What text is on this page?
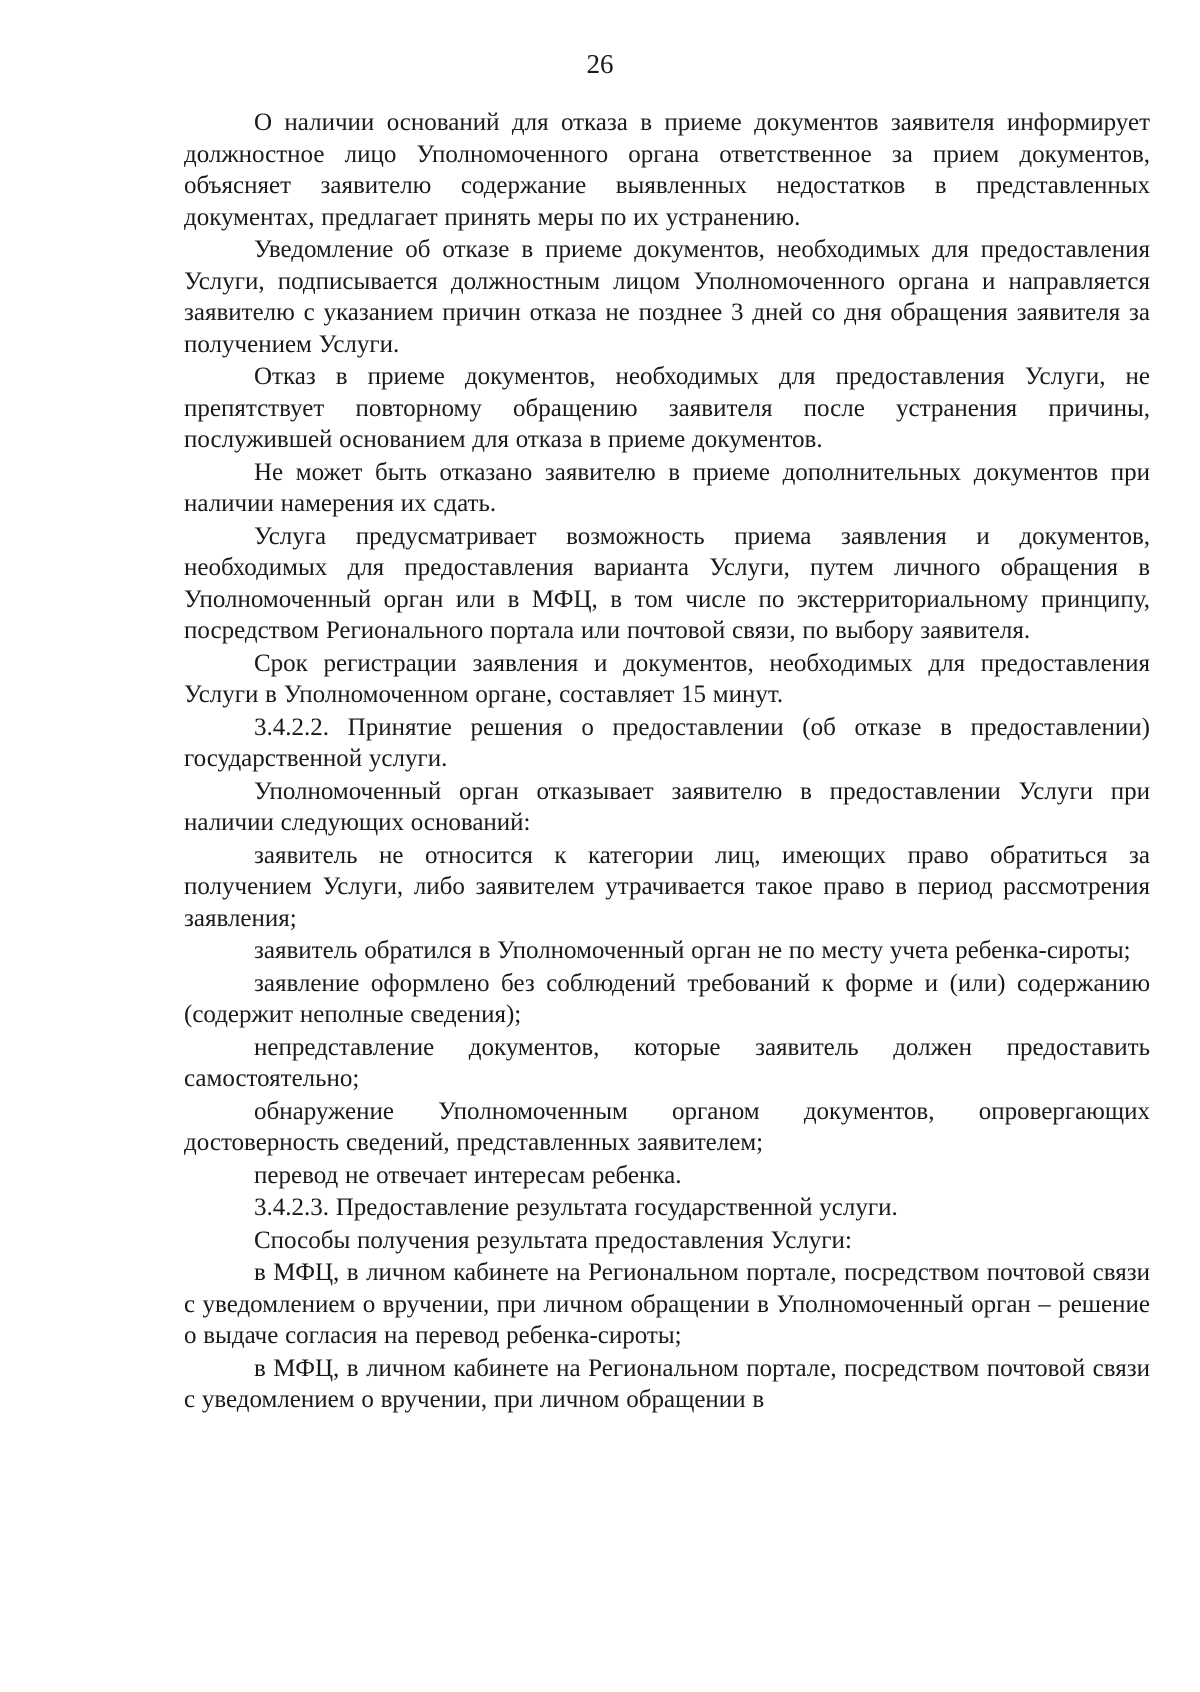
26

О наличии оснований для отказа в приеме документов заявителя информирует должностное лицо Уполномоченного органа ответственное за прием документов, объясняет заявителю содержание выявленных недостатков в представленных документах, предлагает принять меры по их устранению.

Уведомление об отказе в приеме документов, необходимых для предоставления Услуги, подписывается должностным лицом Уполномоченного органа и направляется заявителю с указанием причин отказа не позднее 3 дней со дня обращения заявителя за получением Услуги.

Отказ в приеме документов, необходимых для предоставления Услуги, не препятствует повторному обращению заявителя после устранения причины, послужившей основанием для отказа в приеме документов.

Не может быть отказано заявителю в приеме дополнительных документов при наличии намерения их сдать.

Услуга предусматривает возможность приема заявления и документов, необходимых для предоставления варианта Услуги, путем личного обращения в Уполномоченный орган или в МФЦ, в том числе по экстерриториальному принципу, посредством Регионального портала или почтовой связи, по выбору заявителя.

Срок регистрации заявления и документов, необходимых для предоставления Услуги в Уполномоченном органе, составляет 15 минут.

3.4.2.2. Принятие решения о предоставлении (об отказе в предоставлении) государственной услуги.

Уполномоченный орган отказывает заявителю в предоставлении Услуги при наличии следующих оснований:

заявитель не относится к категории лиц, имеющих право обратиться за получением Услуги, либо заявителем утрачивается такое право в период рассмотрения заявления;

заявитель обратился в Уполномоченный орган не по месту учета ребенка-сироты;

заявление оформлено без соблюдений требований к форме и (или) содержанию (содержит неполные сведения);

непредставление документов, которые заявитель должен предоставить самостоятельно;

обнаружение Уполномоченным органом документов, опровергающих достоверность сведений, представленных заявителем;

перевод не отвечает интересам ребенка.

3.4.2.3. Предоставление результата государственной услуги.

Способы получения результата предоставления Услуги:

в МФЦ, в личном кабинете на Региональном портале, посредством почтовой связи с уведомлением о вручении, при личном обращении в Уполномоченный орган – решение о выдаче согласия на перевод ребенка-сироты;

в МФЦ, в личном кабинете на Региональном портале, посредством почтовой связи с уведомлением о вручении, при личном обращении в
